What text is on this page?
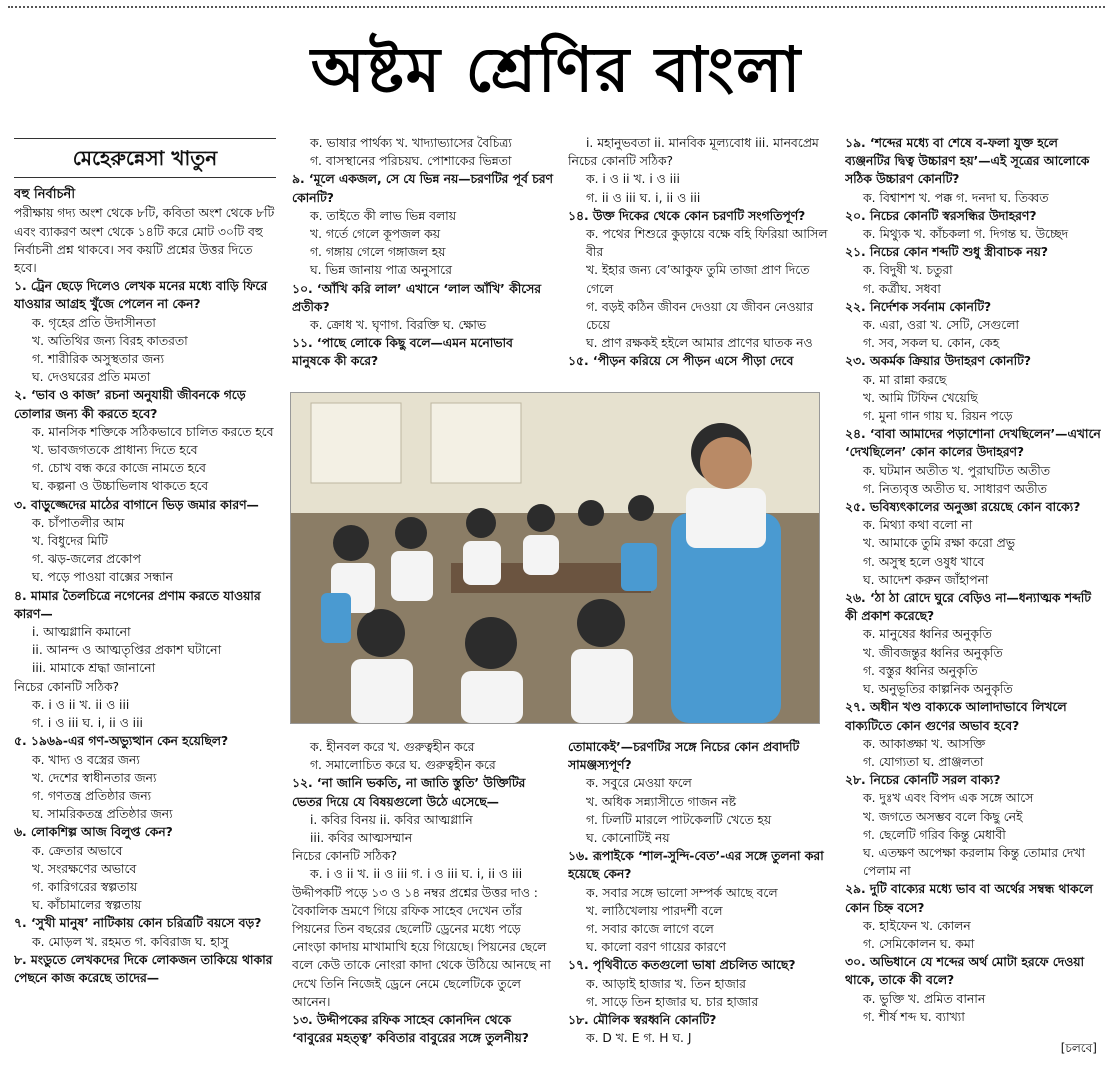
অষ্টম শ্রেণির বাংলা
মেহেরুন্নেসা খাতুন
বহু নির্বাচনী
পরীক্ষায় গদ্য অংশ থেকে ৮টি, কবিতা অংশ থেকে ৮টি এবং ব্যাকরণ অংশ থেকে ১৪টি করে মোট ৩০টি বহু নির্বাচনী প্রশ্ন থাকবে। সব কয়টি প্রশ্নের উত্তর দিতে হবে।
১. ট্রেন ছেড়ে দিলেও লেখক মনের মধ্যে বাড়ি ফিরে যাওয়ার আগ্রহ খুঁজে পেলেন না কেন?
ক. গৃহের প্রতি উদাসীনতা
খ. অতিথির জন্য বিরহ কাতরতা
গ. শারীরিক অসুস্থতার জন্য
ঘ. দেওঘরের প্রতি মমতা
২. ‘ভাব ও কাজ’ রচনা অনুযায়ী জীবনকে গড়ে তোলার জন্য কী করতে হবে?
ক. মানসিক শক্তিকে সঠিকভাবে চালিত করতে হবে
খ. ভাবজগতকে প্রাধান্য দিতে হবে
গ. চোখ বন্ধ করে কাজে নামতে হবে
ঘ. কল্পনা ও উচ্চাভিলাষ থাকতে হবে
৩. বাড়ুজ্জেদের মাঠের বাগানে ভিড় জমার কারণ—
ক. চাঁপাতলীর আম
খ. বিধুদের মিটি
গ. ঝড়-জলের প্রকোপ
ঘ. পড়ে পাওয়া বাক্সের সন্ধান
৪. মামার তৈলচিত্রে নগেনের প্রণাম করতে যাওয়ার কারণ—
i. আত্মগ্লানি কমানো
ii. আনন্দ ও আত্মতৃপ্তির প্রকাশ ঘটানো
iii. মামাকে শ্রদ্ধা জানানো
নিচের কোনটি সঠিক?
ক. i ও ii খ. ii ও iii
গ. i ও iii ঘ. i, ii ও iii
৫. ১৯৬৯-এর গণ-অভ্যুত্থান কেন হয়েছিল?
ক. খাদ্য ও বস্ত্রের জন্য
খ. দেশের স্বাধীনতার জন্য
গ. গণতন্ত্র প্রতিষ্ঠার জন্য
ঘ. সামরিকতন্ত্র প্রতিষ্ঠার জন্য
৬. লোকশিল্প আজ বিলুপ্ত কেন?
ক. ক্রেতার অভাবে
খ. সংরক্ষণের অভাবে
গ. কারিগরের স্বল্পতায়
ঘ. কাঁচামালের স্বল্পতায়
৭. ‘সুখী মানুষ’ নাটিকায় কোন চরিত্রটি বয়সে বড়?
ক. মোড়ল খ. রহমত গ. কবিরাজ ঘ. হাসু
৮. মংডুতে লেখকদের দিকে লোকজন তাকিয়ে থাকার পেছনে কাজ করেছে তাদের—
ক. ভাষার পার্থক্য খ. খাদ্যাভ্যাসের বৈচিত্র্য
গ. বাসস্থানের পরিচয়ঘ. পোশাকের ভিন্নতা
৯. ‘মূলে একজল, সে যে ভিন্ন নয়—চরণটির পূর্ব চরণ কোনটি?
ক. তাইতে কী লাভ ভিন্ন বলায়
খ. গর্তে গেলে কূপজল কয়
গ. গঙ্গায় গেলে গঙ্গাজল হয়
ঘ. ভিন্ন জানায় পাত্র অনুসারে
১০. ‘আঁখি করি লাল’ এখানে ‘লাল আঁখি’ কীসের প্রতীক?
ক. ক্রোধ খ. ঘৃণাগ. বিরক্তি ঘ. ক্ষোভ
১১. ‘পাছে লোকে কিছু বলে—এমন মনোভাব মানুষকে কী করে?
i. মহানুভবতা ii. মানবিক মূল্যবোধ iii. মানবপ্রেম
নিচের কোনটি সঠিক?
ক. i ও ii খ. i ও iii
গ. ii ও iii ঘ. i, ii ও iii
১৪. উক্ত দিকের থেকে কোন চরণটি সংগতিপূর্ণ?
ক. পথের শিশুরে কুড়ায়ে বক্ষে বহি ফিরিয়া আসিল বীর
খ. ইহার জন্য বে’আকুফ তুমি তাজা প্রাণ দিতে গেলে
গ. বড়ই কঠিন জীবন দেওয়া যে জীবন নেওয়ার চেয়ে
ঘ. প্রাণ রক্ষকই হইলে আমার প্রাণের ঘাতক নও
১৫. ‘পীড়ন করিয়ে সে পীড়ন এসে পীড়া দেবে
১৯. ‘শব্দের মধ্যে বা শেষে ব-ফলা যুক্ত হলে ব্যঞ্জনটির দ্বিত্ব উচ্চারণ হয়’—এই সূত্রের আলোকে সঠিক উচ্চারণ কোনটি?
ক. বিশ্বাশশ খ. পক্ক গ. দনদা ঘ. তিব্বত
২০. নিচের কোনটি স্বরসন্ধির উদাহরণ?
ক. মিথ্যুক খ. কাঁচকলা গ. দিগন্ত ঘ. উচ্ছেদ
২১. নিচের কোন শব্দটি শুধু স্ত্রীবাচক নয়?
ক. বিদুষী খ. চতুরা
গ. কর্ত্রীঘ. সধবা
২২. নির্দেশক সর্বনাম কোনটি?
ক. এরা, ওরা খ. সেটি, সেগুলো
গ. সব, সকল ঘ. কোন, কেহ
২৩. অকর্মক ক্রিয়ার উদাহরণ কোনটি?
ক. মা রান্না করছে
খ. আমি টিফিন খেয়েছি
গ. মুনা গান গায় ঘ. রিয়ন পড়ে
২৪. ‘বাবা আমাদের পড়াশোনা দেখছিলেন’—এখানে ‘দেখছিলেন’ কোন কালের উদাহরণ?
ক. ঘটমান অতীত খ. পুরাঘটিত অতীত
গ. নিত্যবৃত্ত অতীত ঘ. সাধারণ অতীত
২৫. ভবিষ্যৎকালের অনুজ্ঞা রয়েছে কোন বাক্যে?
ক. মিথ্যা কথা বলো না
খ. আমাকে তুমি রক্ষা করো প্রভু
গ. অসুস্থ হলে ওষুধ খাবে
ঘ. আদেশ করুন জাঁহাপনা
২৬. ‘ঠা ঠা রোদে ঘুরে বেড়িও না—ধন্যাত্মক শব্দটি কী প্রকাশ করেছে?
ক. মানুষের ধ্বনির অনুকৃতি
খ. জীবজন্তুর ধ্বনির অনুকৃতি
গ. বস্তুর ধ্বনির অনুকৃতি
ঘ. অনুভূতির কাল্পনিক অনুকৃতি
২৭. অধীন খণ্ড বাক্যকে আলাদাভাবে লিখলে বাক্যটিতে কোন গুণের অভাব হবে?
ক. আকাঙ্ক্ষা খ. আসক্তি
গ. যোগ্যতা ঘ. প্রাঞ্জলতা
২৮. নিচের কোনটি সরল বাক্য?
ক. দুঃখ এবং বিপদ এক সঙ্গে আসে
খ. জগতে অসম্ভব বলে কিছু নেই
গ. ছেলেটি গরিব কিন্তু মেধাবী
ঘ. এতক্ষণ অপেক্ষা করলাম কিন্তু তোমার দেখা পেলাম না
২৯. দুটি বাক্যের মধ্যে ভাব বা অর্থের সম্বন্ধ থাকলে কোন চিহ্ন বসে?
ক. হাইফেন খ. কোলন
গ. সেমিকোলন ঘ. কমা
৩০. অভিধানে যে শব্দের অর্থ মোটা হরফে দেওয়া থাকে, তাকে কী বলে?
ক. ভুক্তি খ. প্রমিত বানান
গ. শীর্ষ শব্দ ঘ. ব্যাখ্যা
ক. হীনবল করে খ. গুরুত্বহীন করে
গ. সমালোচিত করে ঘ. গুরুত্বহীন করে
১২. ‘না জানি ভকতি, না জাতি স্তুতি’ উক্তিটির ভেতর দিয়ে যে বিষয়গুলো উঠে এসেছে—
i. কবির বিনয় ii. কবির আত্মগ্লানি
iii. কবির আত্মসম্মান
নিচের কোনটি সঠিক?
ক. i ও ii খ. ii ও iii গ. i ও iii ঘ. i, ii ও iii
উদ্দীপকটি পড়ে ১৩ ও ১৪ নম্বর প্রশ্নের উত্তর দাও : বৈকালিক ভ্রমণে গিয়ে রফিক সাহেব দেখেন তাঁর পিয়নের তিন বছরের ছেলেটি ড্রেনের মধ্যে পড়ে নোংড়া কাদায় মাখামাখি হয়ে গিয়েছে। পিয়নের ছেলে বলে কেউ তাকে নোংরা কাদা থেকে উঠিয়ে আনছে না দেখে তিনি নিজেই ড্রেনে নেমে ছেলেটিকে তুলে আনেন।
১৩. উদ্দীপকের রফিক সাহেব কোনদিন থেকে ‘বাবুরের মহত্ত্ব’ কবিতার বাবুরের সঙ্গে তুলনীয়?
তোমাকেই’—চরণটির সঙ্গে নিচের কোন প্রবাদটি সামঞ্জস্যপূর্ণ?
ক. সবুরে মেওয়া ফলে
খ. অধিক সন্ন্যাসীতে গাজন নষ্ট
গ. ঢিলটি মারলে পাটকেলটি খেতে হয়
ঘ. কোনোটিই নয়
১৬. রূপাইকে ‘শাল-সুন্দি-বেত’-এর সঙ্গে তুলনা করা হয়েছে কেন?
ক. সবার সঙ্গে ভালো সম্পর্ক আছে বলে
খ. লাঠিখেলায় পারদর্শী বলে
গ. সবার কাজে লাগে বলে
ঘ. কালো বরণ গায়ের কারণে
১৭. পৃথিবীতে কতগুলো ভাষা প্রচলিত আছে?
ক. আড়াই হাজার খ. তিন হাজার
গ. সাড়ে তিন হাজার ঘ. চার হাজার
১৮. মৌলিক স্বরধ্বনি কোনটি?
ক. D খ. E গ. H ঘ. J
[চলবে]
